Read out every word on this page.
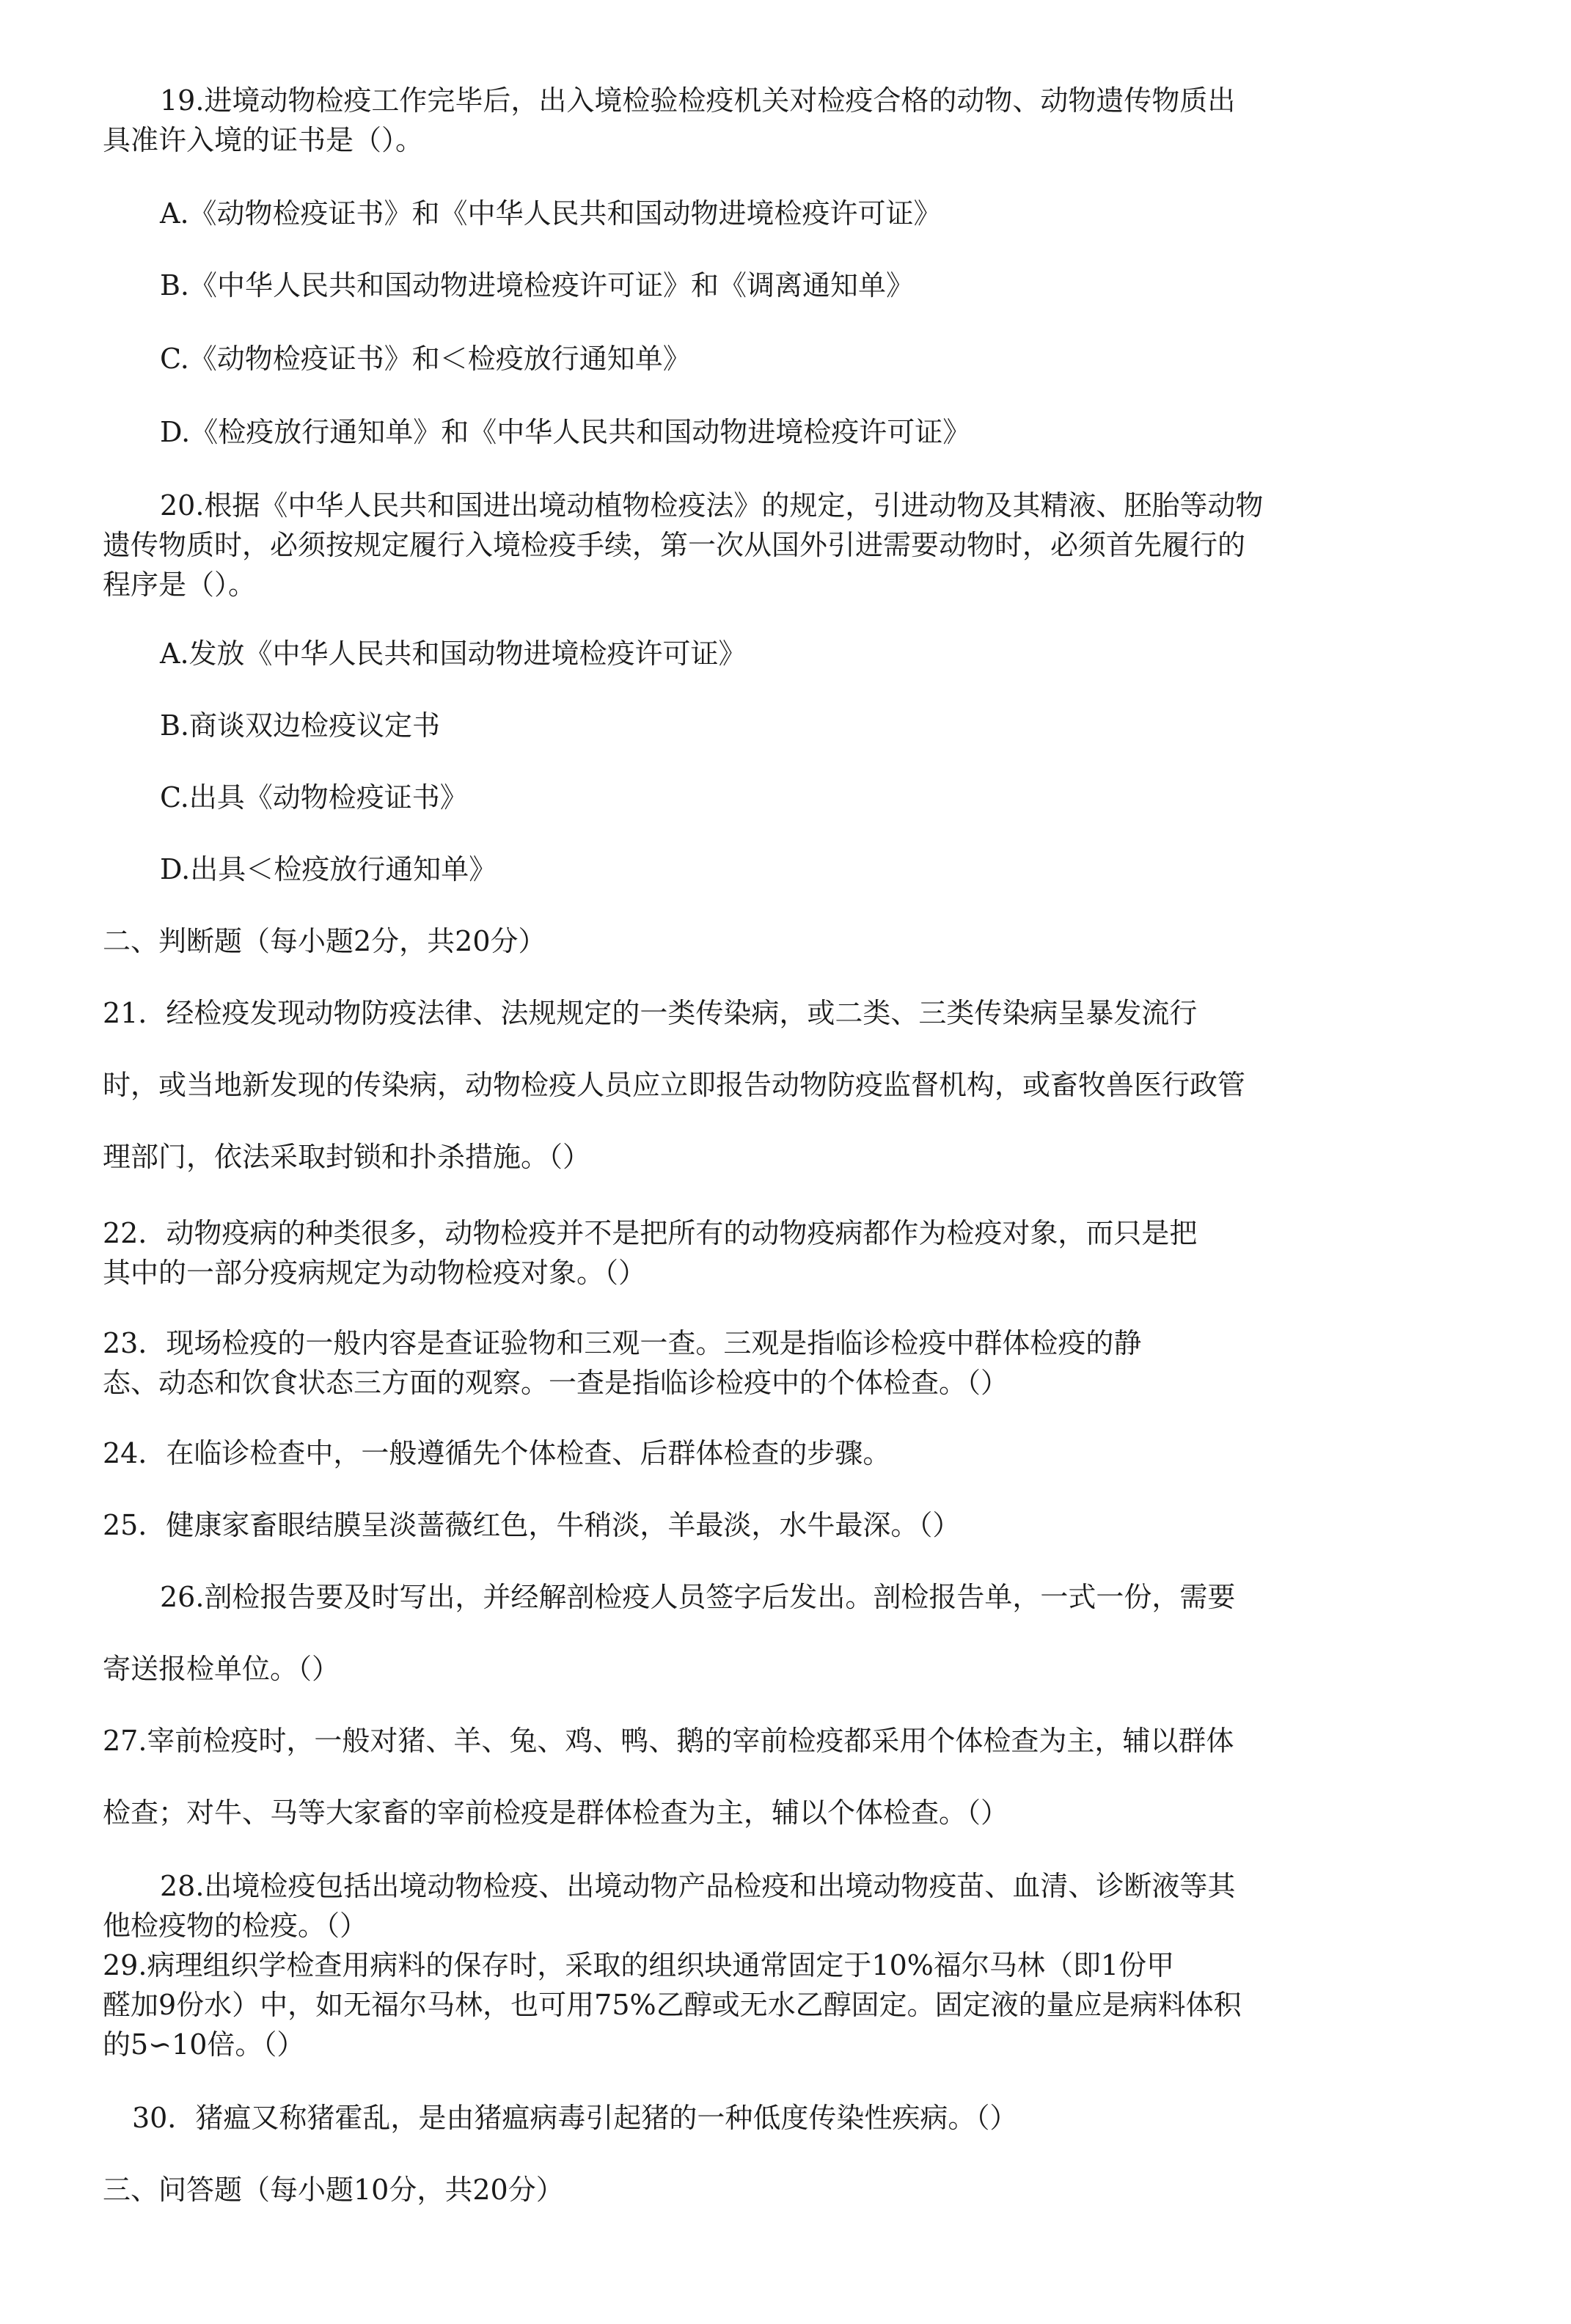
19.进境动物检疫工作完毕后，出入境检验检疫机关对检疫合格的动物、动物遗传物质出

具准许入境的证书是（）。

A.《动物检疫证书》和《中华人民共和国动物进境检疫许可证》

B.《中华人民共和国动物进境检疫许可证》和《调离通知单》

C.《动物检疫证书》和＜检疫放行通知单》

D.《检疫放行通知单》和《中华人民共和国动物进境检疫许可证》

20.根据《中华人民共和国进出境动植物检疫法》的规定，引进动物及其精液、胚胎等动物

遗传物质时，必须按规定履行入境检疫手续，第一次从国外引进需要动物时，必须首先履行的

程序是（）。

A.发放《中华人民共和国动物进境检疫许可证》

B.商谈双边检疫议定书

C.出具《动物检疫证书》

D.出具＜检疫放行通知单》

二、判断题（每小题2分，共20分）

21．经检疫发现动物防疫法律、法规规定的一类传染病，或二类、三类传染病呈暴发流行

时，或当地新发现的传染病，动物检疫人员应立即报告动物防疫监督机构，或畜牧兽医行政管

理部门，依法采取封锁和扑杀措施。（）

22．动物疫病的种类很多，动物检疫并不是把所有的动物疫病都作为检疫对象，而只是把

其中的一部分疫病规定为动物检疫对象。（）

23．现场检疫的一般内容是查证验物和三观一查。三观是指临诊检疫中群体检疫的静

态、动态和饮食状态三方面的观察。一查是指临诊检疫中的个体检查。（）

24．在临诊检查中，一般遵循先个体检查、后群体检查的步骤。

25．健康家畜眼结膜呈淡蔷薇红色，牛稍淡，羊最淡，水牛最深。（）

26.剖检报告要及时写出，并经解剖检疫人员签字后发出。剖检报告单，一式一份，需要

寄送报检单位。（）

27.宰前检疫时，一般对猪、羊、兔、鸡、鸭、鹅的宰前检疫都采用个体检查为主，辅以群体

检查；对牛、马等大家畜的宰前检疫是群体检查为主，辅以个体检查。（）

28.出境检疫包括出境动物检疫、出境动物产品检疫和出境动物疫苗、血清、诊断液等其

他检疫物的检疫。（）

29.病理组织学检查用病料的保存时，采取的组织块通常固定于10%福尔马林（即1份甲

醛加9份水）中，如无福尔马林，也可用75%乙醇或无水乙醇固定。固定液的量应是病料体积

的5∽10倍。（）

30．猪瘟又称猪霍乱，是由猪瘟病毒引起猪的一种低度传染性疾病。（）

三、问答题（每小题10分，共20分）
